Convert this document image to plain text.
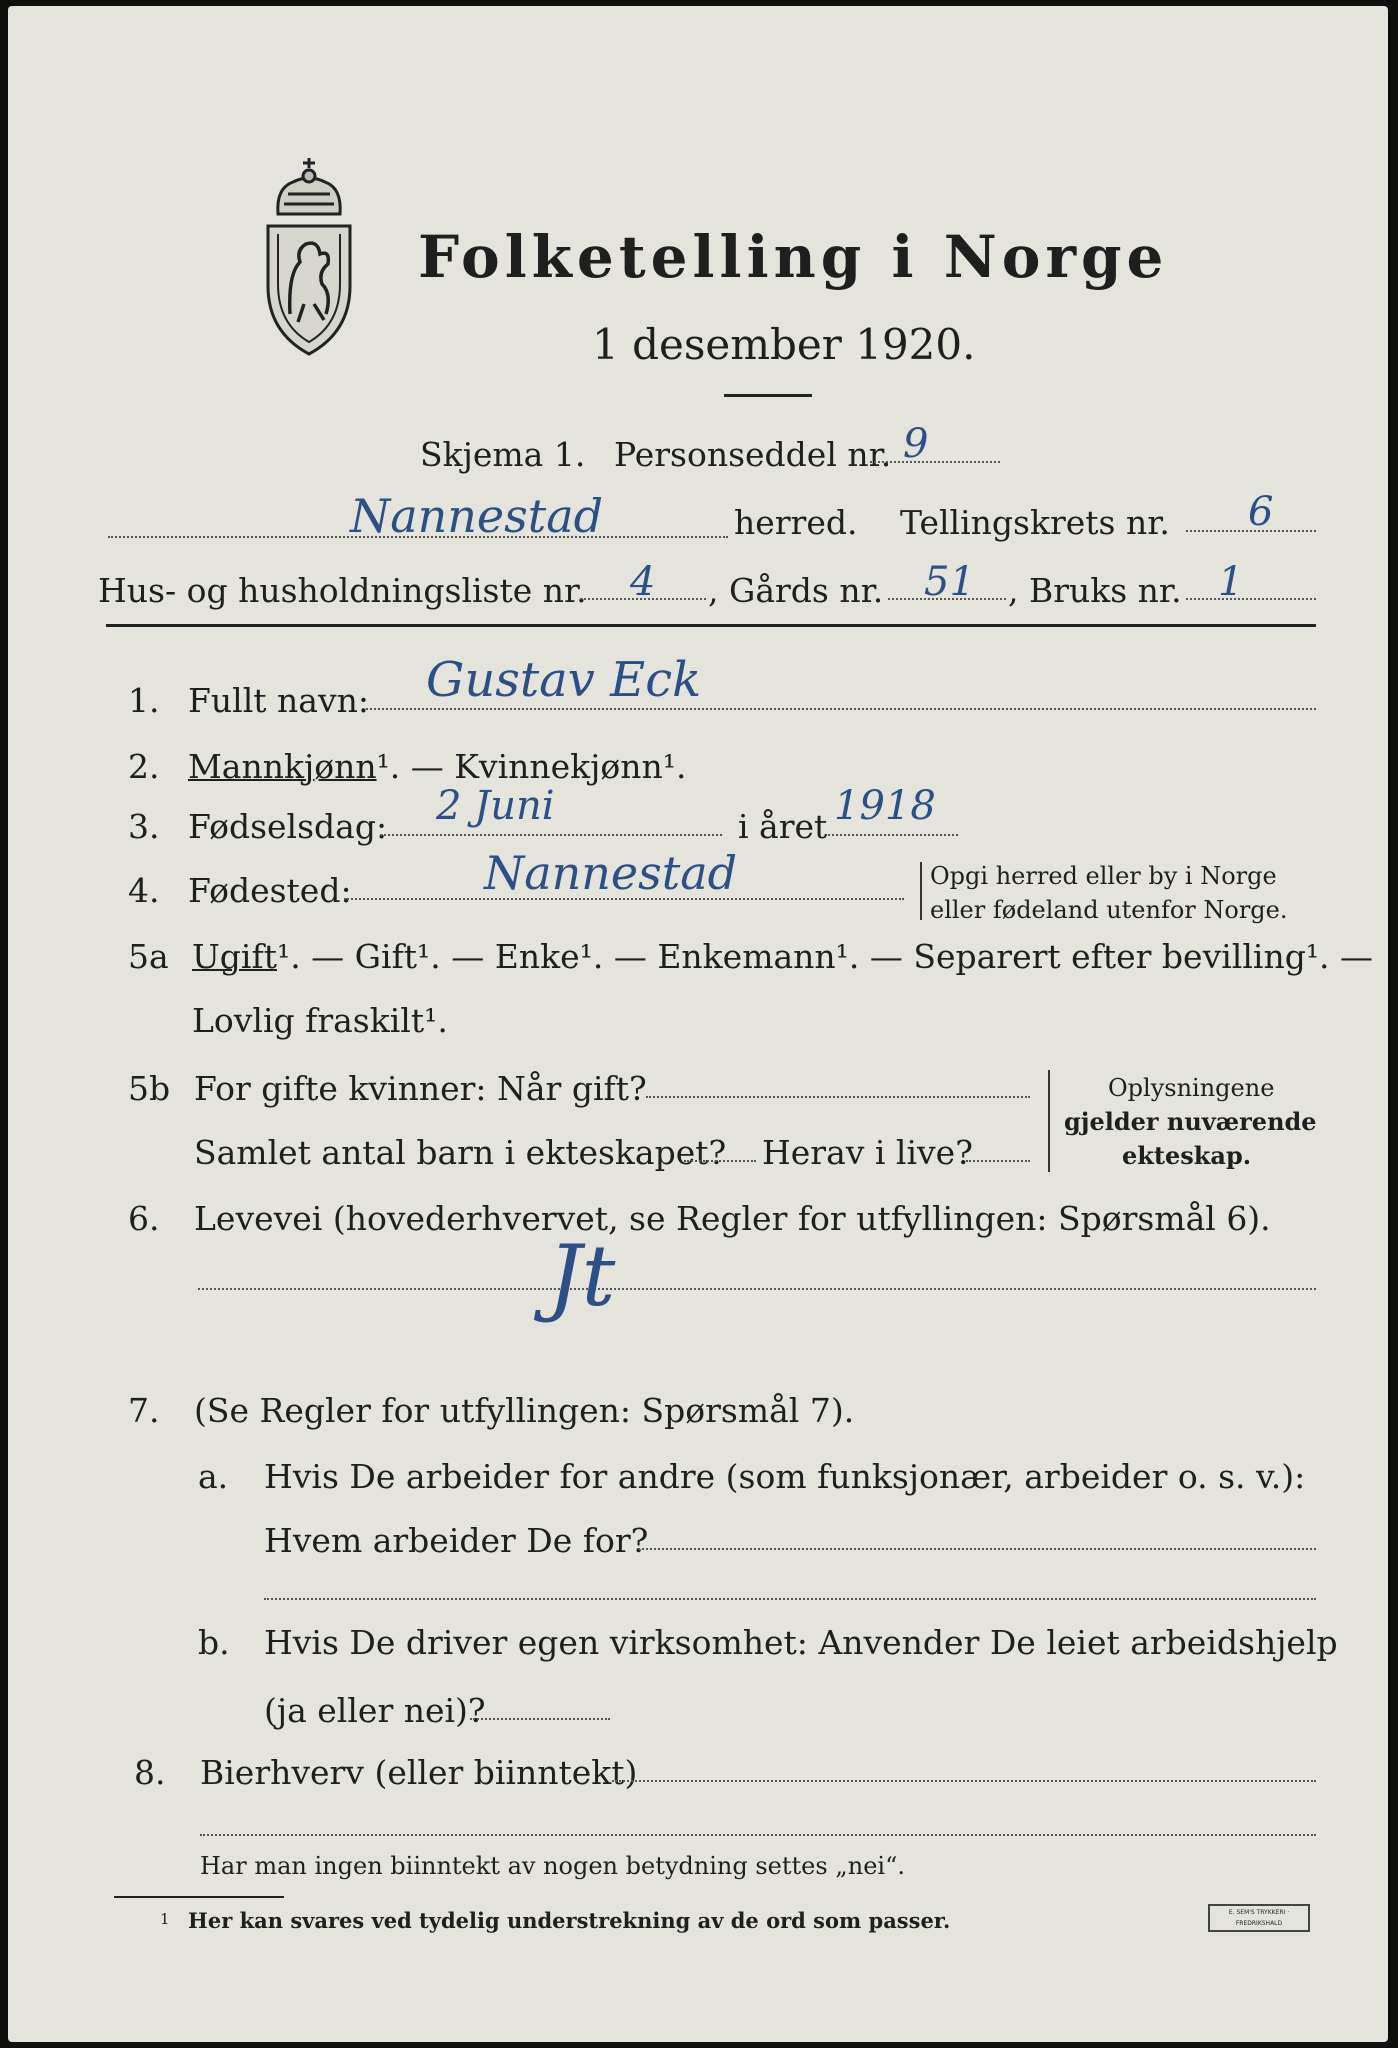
Folketelling i Norge
1 desember 1920.
Skjema 1. Personseddel nr. 9
Nannestad	herred. Tellingskrets nr. 6
Hus- og husholdningsliste nr. 4 , Gårds nr. 51 , Bruks nr. 1
1. Fullt navn: Gustav Eck
2. Mannkjønn¹. — Kvinnekjønn¹.
3. Fødselsdag: 2 Juni	i året 1918
4. Fødested:	Nannestad	Opgi herred eller by i Norge
eller fødeland utenfor Norge.
5a Ugift¹. — Gift¹. — Enke¹. — Enkemann¹. — Separert efter bevilling¹. —
Lovlig fraskilt¹.
5b For gifte kvinner: Når gift?
Samlet antal barn i ekteskapet? Herav i live?
Oplysningene
gjelder nuværende
ekteskap.
6. Levevei (hovederhvervet, se Regler for utfyllingen: Spørsmål 6).
Jt
7. (Se Regler for utfyllingen: Spørsmål 7).
a. Hvis De arbeider for andre (som funksjonær, arbeider o. s. v.):
Hvem arbeider De for?
b. Hvis De driver egen virksomhet: Anvender De leiet arbeidshjelp
(ja eller nei)?
8. Bierhverv (eller biinntekt)
Har man ingen biinntekt av nogen betydning settes „nei“.
1 Her kan svares ved tydelig understrekning av de ord som passer.	E. SEM'S TRYKKERI · FREDRIKSHALD
